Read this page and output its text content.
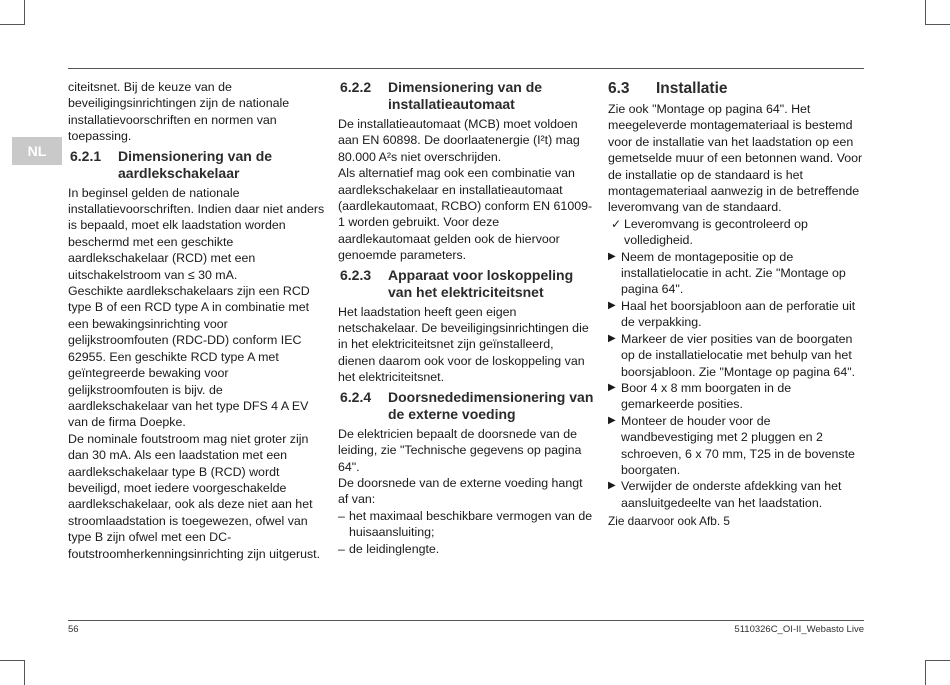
NL

citeitsnet. Bij de keuze van de beveiligingsinrichtingen zijn de nationale installatievoorschriften en normen van toepassing.

6.2.1	Dimensionering van de aardlekschakelaar

In beginsel gelden de nationale installatievoorschriften. Indien daar niet anders is bepaald, moet elk laadstation worden beschermd met een geschikte aardlekschakelaar (RCD) met een uitschakelstroom van ≤ 30 mA.

Geschikte aardlekschakelaars zijn een RCD type B of een RCD type A in combinatie met een bewakingsinrichting voor gelijkstroomfouten (RDC-DD) conform IEC 62955. Een geschikte RCD type A met geïntegreerde bewaking voor gelijkstroomfouten is bijv. de aardlekschakelaar van het type DFS 4 A EV van de firma Doepke.

De nominale foutstroom mag niet groter zijn dan 30 mA. Als een laadstation met een aardlekschakelaar type B (RCD) wordt beveiligd, moet iedere voorgeschakelde aardlekschakelaar, ook als deze niet aan het stroomlaadstation is toegewezen, ofwel van type B zijn ofwel met een DC-foutstroomherkenningsinrichting zijn uitgerust.

6.2.2	Dimensionering van de installatieautomaat

De installatieautomaat (MCB) moet voldoen aan EN 60898. De doorlaatenergie (I²t) mag 80.000 A²s niet overschrijden.

Als alternatief mag ook een combinatie van aardlekschakelaar en installatieautomaat (aardlekautomaat, RCBO) conform EN 61009-1 worden gebruikt. Voor deze aardlekautomaat gelden ook de hiervoor genoemde parameters.

6.2.3	Apparaat voor loskoppeling van het elektriciteitsnet

Het laadstation heeft geen eigen netschakelaar. De beveiligingsinrichtingen die in het elektriciteitsnet zijn geïnstalleerd, dienen daarom ook voor de loskoppeling van het elektriciteitsnet.

6.2.4	Doorsnededimensionering van de externe voeding

De elektricien bepaalt de doorsnede van de leiding, zie "Technische gegevens op pagina 64".

De doorsnede van de externe voeding hangt af van:

– het maximaal beschikbare vermogen van de huisaansluiting;
– de leidinglengte.
6.3	Installatie

Zie ook "Montage op pagina 64". Het meegeleverde montagemateriaal is bestemd voor de installatie van het laadstation op een gemetselde muur of een betonnen wand. Voor de installatie op de standaard is het montagemateriaal aanwezig in de betreffende leveromvang van de standaard.

✓ Leveromvang is gecontroleerd op volledigheid.
▶ Neem de montagepositie op de installatielocatie in acht. Zie "Montage op pagina 64".
▶ Haal het boorsjabloon aan de perforatie uit de verpakking.
▶ Markeer de vier posities van de boorgaten op de installatielocatie met behulp van het boorsjabloon. Zie "Montage op pagina 64".
▶ Boor 4 x 8 mm boorgaten in de gemarkeerde posities.
▶ Monteer de houder voor de wandbevestiging met 2 pluggen en 2 schroeven, 6 x 70 mm, T25 in de bovenste boorgaten.
▶ Verwijder de onderste afdekking van het aansluitgedeelte van het laadstation.

Zie daarvoor ook Afb. 5

56	5110326C_OI-II_Webasto Live
